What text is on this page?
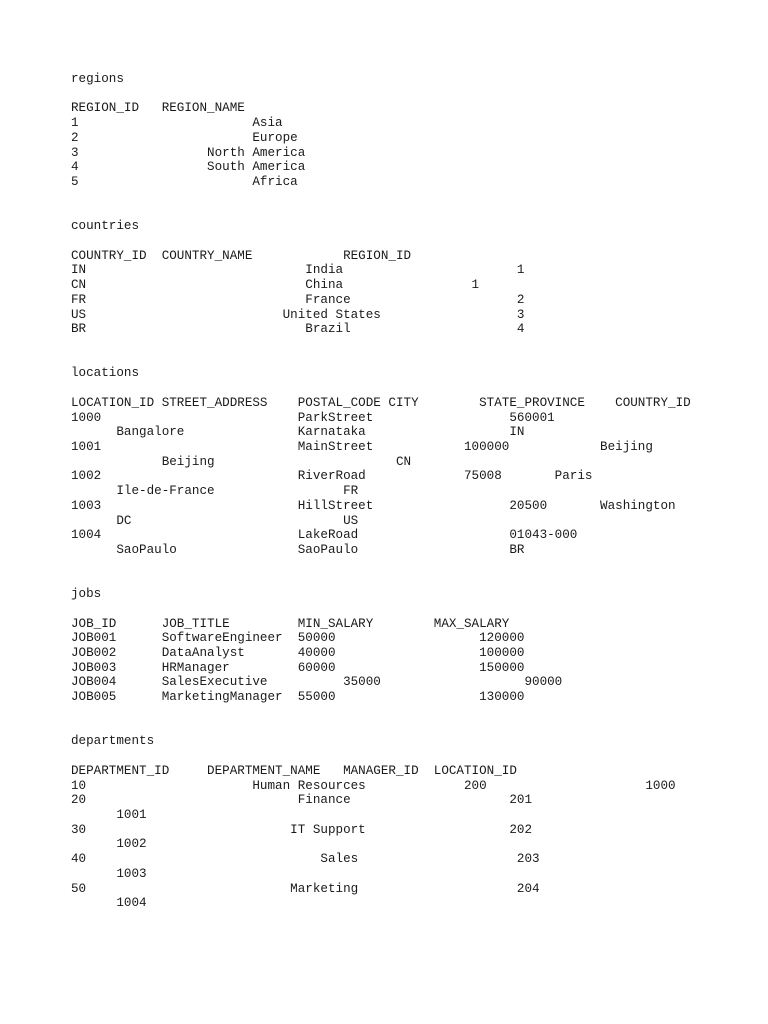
regions

REGION_ID   REGION_NAME
1                       Asia
2                       Europe
3                 North America
4                 South America
5                       Africa

countries

COUNTRY_ID  COUNTRY_NAME            REGION_ID
IN                             India                       1
CN                             China                 1
FR                             France                      2
US                          United States                  3
BR                             Brazil                      4

locations

LOCATION_ID STREET_ADDRESS    POSTAL_CODE CITY        STATE_PROVINCE    COUNTRY_ID
1000                          ParkStreet                  560001
Bangalore               Karnataka                   IN
1001                          MainStreet            100000            Beijing
Beijing                        CN
1002                          RiverRoad             75008       Paris
Ile-de-France                 FR
1003                          HillStreet                  20500       Washington
DC                            US
1004                          LakeRoad                    01043-000
SaoPaulo                SaoPaulo                    BR

jobs

JOB_ID      JOB_TITLE         MIN_SALARY        MAX_SALARY
JOB001      SoftwareEngineer  50000                   120000
JOB002      DataAnalyst       40000                   100000
JOB003      HRManager         60000                   150000
JOB004      SalesExecutive          35000                   90000
JOB005      MarketingManager  55000                   130000

departments

DEPARTMENT_ID     DEPARTMENT_NAME   MANAGER_ID  LOCATION_ID
10                      Human Resources             200                     1000
20                            Finance                     201
1001
30                           IT Support                   202
1002
40                               Sales                     203
1003
50                           Marketing                     204
1004
